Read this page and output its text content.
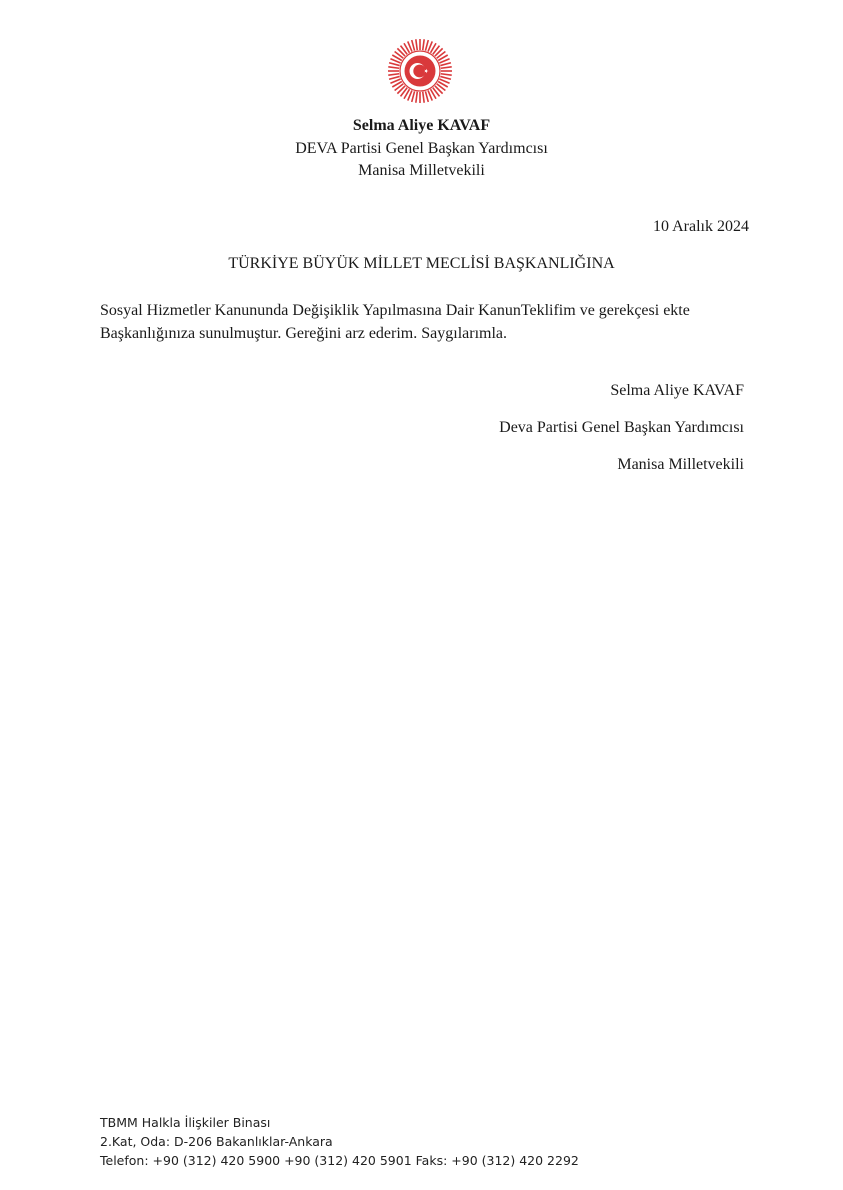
Selma Aliye KAVAF
DEVA Partisi Genel Başkan Yardımcısı
Manisa Milletvekili
10 Aralık 2024
TÜRKİYE BÜYÜK MİLLET MECLİSİ BAŞKANLIĞINA
Sosyal Hizmetler Kanununda Değişiklik Yapılmasına Dair KanunTeklifim ve gerekçesi ekte
Başkanlığınıza sunulmuştur. Gereğini arz ederim. Saygılarımla.
Selma Aliye KAVAF
Deva Partisi Genel Başkan Yardımcısı
Manisa Milletvekili
TBMM Halkla İlişkiler Binası
2.Kat, Oda: D-206 Bakanlıklar-Ankara
Telefon: +90 (312) 420 5900 +90 (312) 420 5901 Faks: +90 (312) 420 2292
